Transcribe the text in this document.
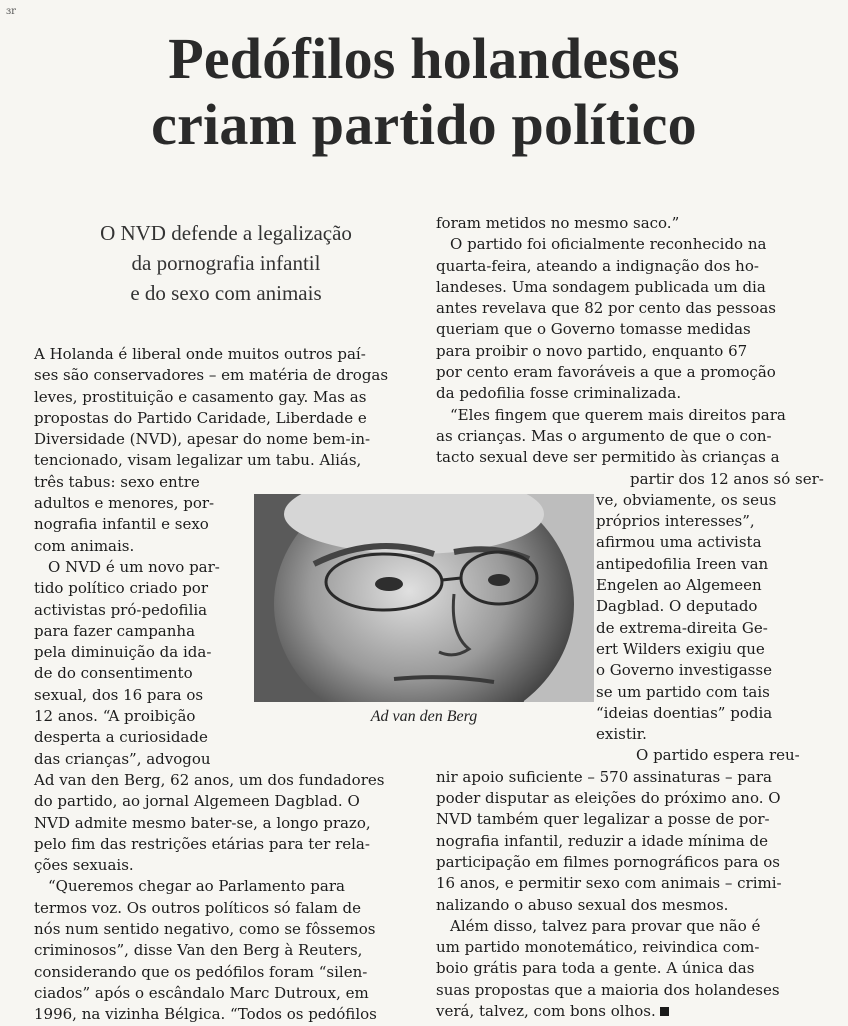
ɜr
Pedófilos holandeses
criam partido político
O NVD defende a legalização
da pornografia infantil
e do sexo com animais
A Holanda é liberal onde muitos outros paí-
ses são conservadores – em matéria de drogas
leves, prostituição e casamento gay. Mas as
propostas do Partido Caridade, Liberdade e
Diversidade (NVD), apesar do nome bem-in-
tencionado, visam legalizar um tabu. Aliás,
três tabus: sexo entre
adultos e menores, por-
nografia infantil e sexo
com animais.
O NVD é um novo par-
tido político criado por
activistas pró-pedofilia
para fazer campanha
pela diminuição da ida-
de do consentimento
sexual, dos 16 para os
12 anos. “A proibição
desperta a curiosidade
das crianças”, advogou
Ad van den Berg, 62 anos, um dos fundadores
do partido, ao jornal Algemeen Dagblad. O
NVD admite mesmo bater-se, a longo prazo,
pelo fim das restrições etárias para ter rela-
ções sexuais.
“Queremos chegar ao Parlamento para
termos voz. Os outros políticos só falam de
nós num sentido negativo, como se fôssemos
criminosos”, disse Van den Berg à Reuters,
considerando que os pedófilos foram “silen-
ciados” após o escândalo Marc Dutroux, em
1996, na vizinha Bélgica. “Todos os pedófilos
foram metidos no mesmo saco.”
O partido foi oficialmente reconhecido na
quarta-feira, ateando a indignação dos ho-
landeses. Uma sondagem publicada um dia
antes revelava que 82 por cento das pessoas
queriam que o Governo tomasse medidas
para proibir o novo partido, enquanto 67
por cento eram favoráveis a que a promoção
da pedofilia fosse criminalizada.
“Eles fingem que querem mais direitos para
as crianças. Mas o argumento de que o con-
tacto sexual deve ser permitido às crianças a
partir dos 12 anos só ser-
ve, obviamente, os seus
próprios interesses”,
afirmou uma activista
antipedofilia Ireen van
Engelen ao Algemeen
Dagblad. O deputado
de extrema-direita Ge-
ert Wilders exigiu que
o Governo investigasse
se um partido com tais
“ideias doentias” podia
existir.
O partido espera reu-
nir apoio suficiente – 570 assinaturas – para
poder disputar as eleições do próximo ano. O
NVD também quer legalizar a posse de por-
nografia infantil, reduzir a idade mínima de
participação em filmes pornográficos para os
16 anos, e permitir sexo com animais – crimi-
nalizando o abuso sexual dos mesmos.
Além disso, talvez para provar que não é
um partido monotemático, reivindica com-
boio grátis para toda a gente. A única das
suas propostas que a maioria dos holandeses
verá, talvez, com bons olhos.
Ad van den Berg
